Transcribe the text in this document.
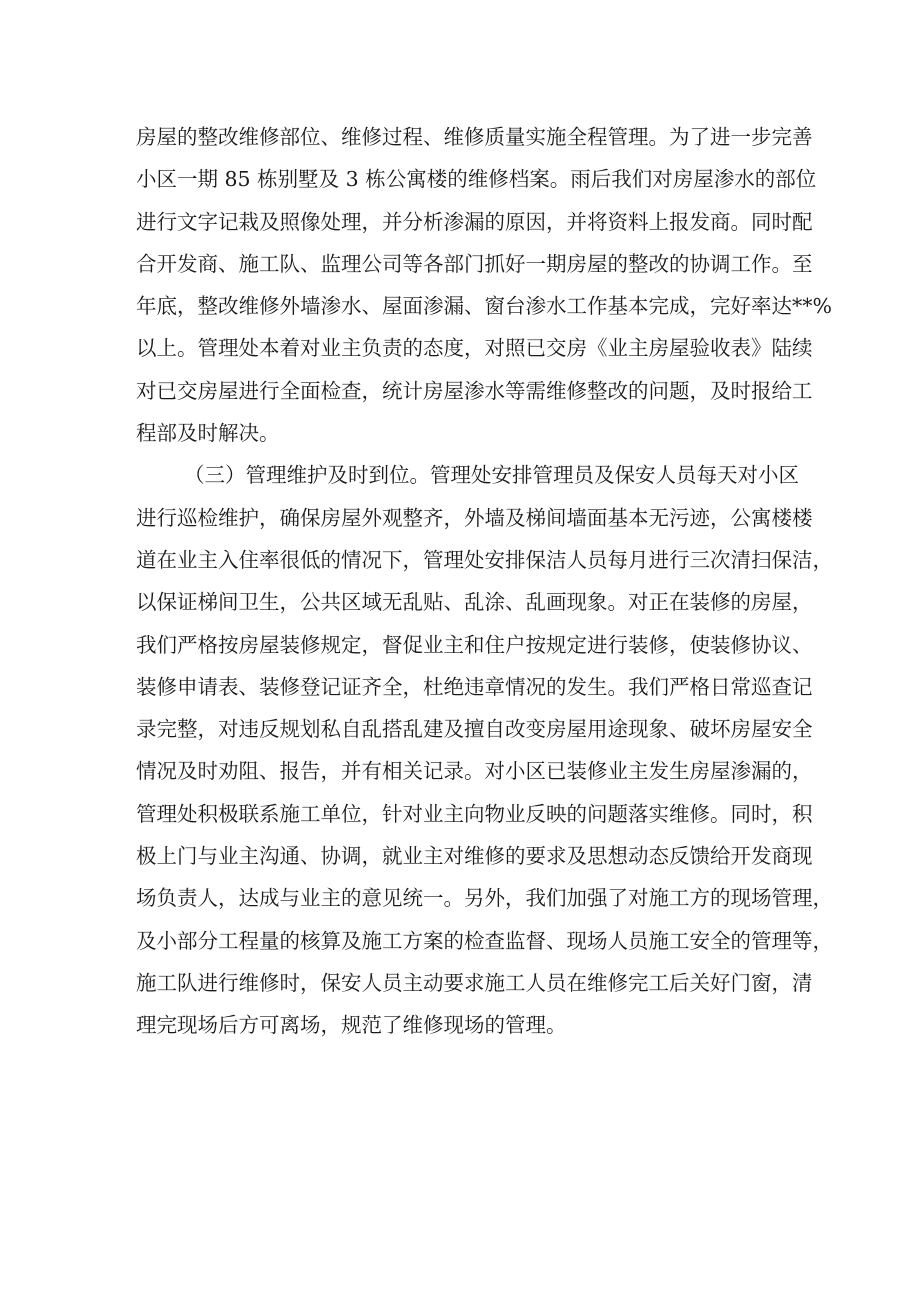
房屋的整改维修部位、维修过程、维修质量实施全程管理。为了进一步完善
小区一期 85 栋别墅及 3 栋公寓楼的维修档案。雨后我们对房屋渗水的部位
进行文字记栽及照像处理，并分析渗漏的原因，并将资料上报发商。同时配
合开发商、施工队、监理公司等各部门抓好一期房屋的整改的协调工作。至
年底，整改维修外墙渗水、屋面渗漏、窗台渗水工作基本完成，完好率达**%
以上。管理处本着对业主负责的态度，对照已交房《业主房屋验收表》陆续
对已交房屋进行全面检查，统计房屋渗水等需维修整改的问题，及时报给工
程部及时解决。
（三）管理维护及时到位。管理处安排管理员及保安人员每天对小区
进行巡检维护，确保房屋外观整齐，外墙及梯间墙面基本无污迹，公寓楼楼
道在业主入住率很低的情况下，管理处安排保洁人员每月进行三次清扫保洁，
以保证梯间卫生，公共区域无乱贴、乱涂、乱画现象。对正在装修的房屋，
我们严格按房屋装修规定，督促业主和住户按规定进行装修，使装修协议、
装修申请表、装修登记证齐全，杜绝违章情况的发生。我们严格日常巡查记
录完整，对违反规划私自乱搭乱建及擅自改变房屋用途现象、破坏房屋安全
情况及时劝阻、报告，并有相关记录。对小区已装修业主发生房屋渗漏的，
管理处积极联系施工单位，针对业主向物业反映的问题落实维修。同时，积
极上门与业主沟通、协调，就业主对维修的要求及思想动态反馈给开发商现
场负责人，达成与业主的意见统一。另外，我们加强了对施工方的现场管理，
及小部分工程量的核算及施工方案的检查监督、现场人员施工安全的管理等，
施工队进行维修时，保安人员主动要求施工人员在维修完工后关好门窗，清
理完现场后方可离场，规范了维修现场的管理。
